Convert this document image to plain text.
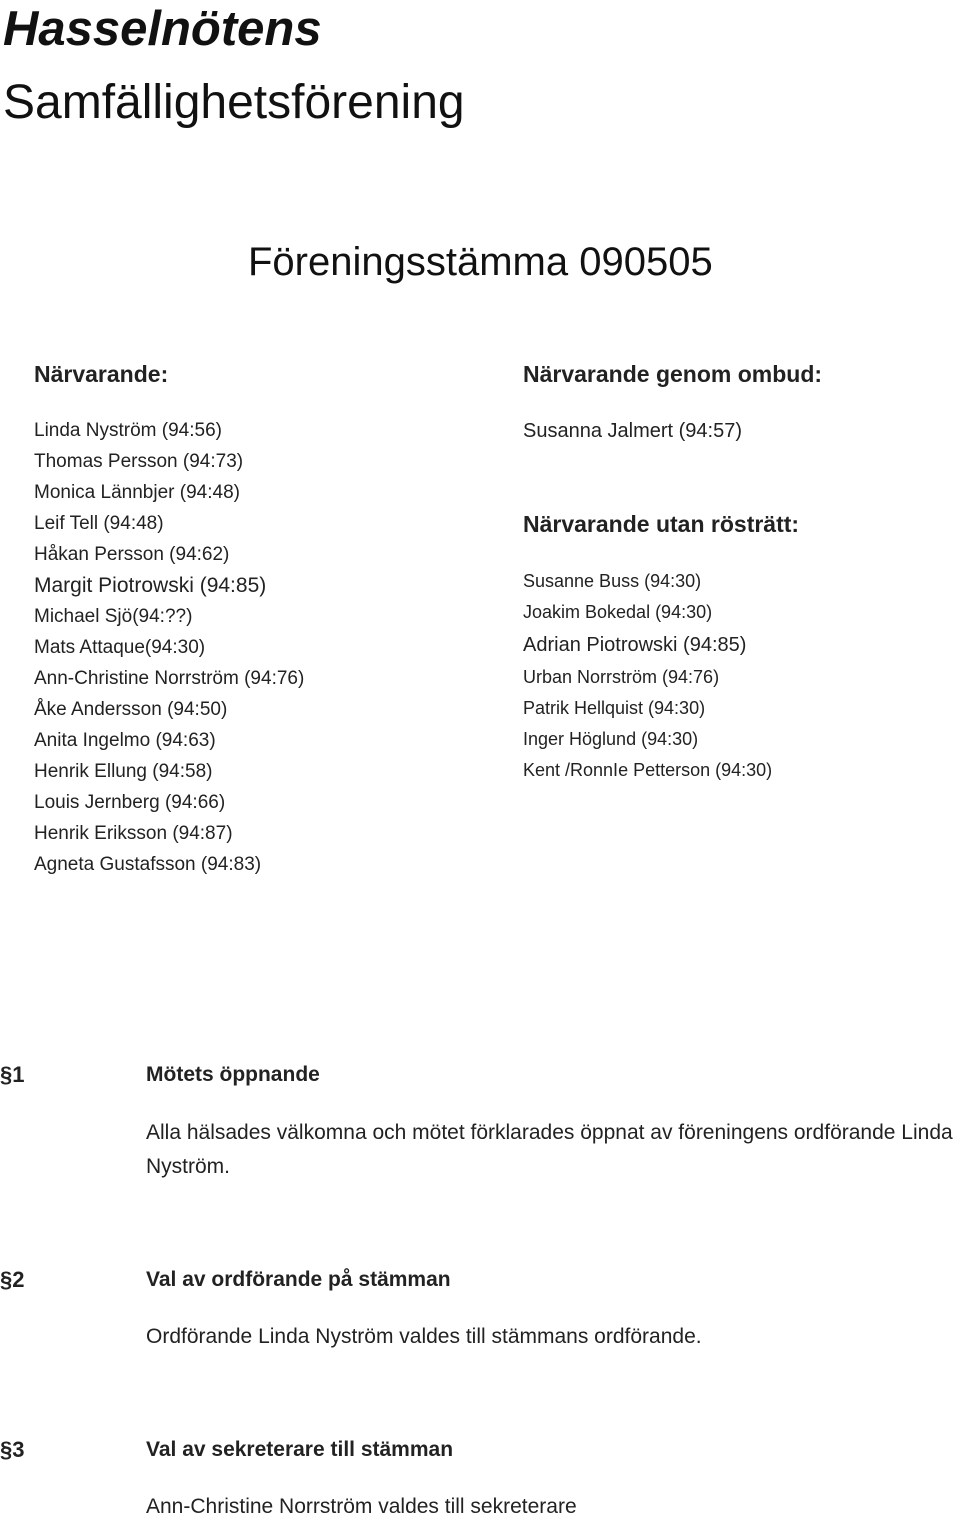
Hasselnötens
Samfällighetsförening
Föreningsstämma 090505
Närvarande:
Linda Nyström (94:56)
Thomas Persson (94:73)
Monica Lännbjer (94:48)
Leif Tell (94:48)
Håkan Persson (94:62)
Margit Piotrowski (94:85)
Michael Sjö(94:??)
Mats Attaque(94:30)
Ann-Christine Norrström (94:76)
Åke Andersson (94:50)
Anita Ingelmo (94:63)
Henrik Ellung (94:58)
Louis Jernberg (94:66)
Henrik Eriksson (94:87)
Agneta Gustafsson (94:83)
Närvarande genom ombud:
Susanna Jalmert (94:57)
Närvarande utan rösträtt:
Susanne Buss (94:30)
Joakim Bokedal (94:30)
Adrian Piotrowski (94:85)
Urban Norrström (94:76)
Patrik Hellquist (94:30)
Inger Höglund (94:30)
Kent /RonnIe Petterson (94:30)
§1	Mötets öppnande
Alla hälsades välkomna och mötet förklarades öppnat av föreningens ordförande Linda Nyström.
§2	Val av ordförande på stämman
Ordförande Linda Nyström valdes till stämmans ordförande.
§3	Val av sekreterare till stämman
Ann-Christine Norrström valdes till sekreterare
